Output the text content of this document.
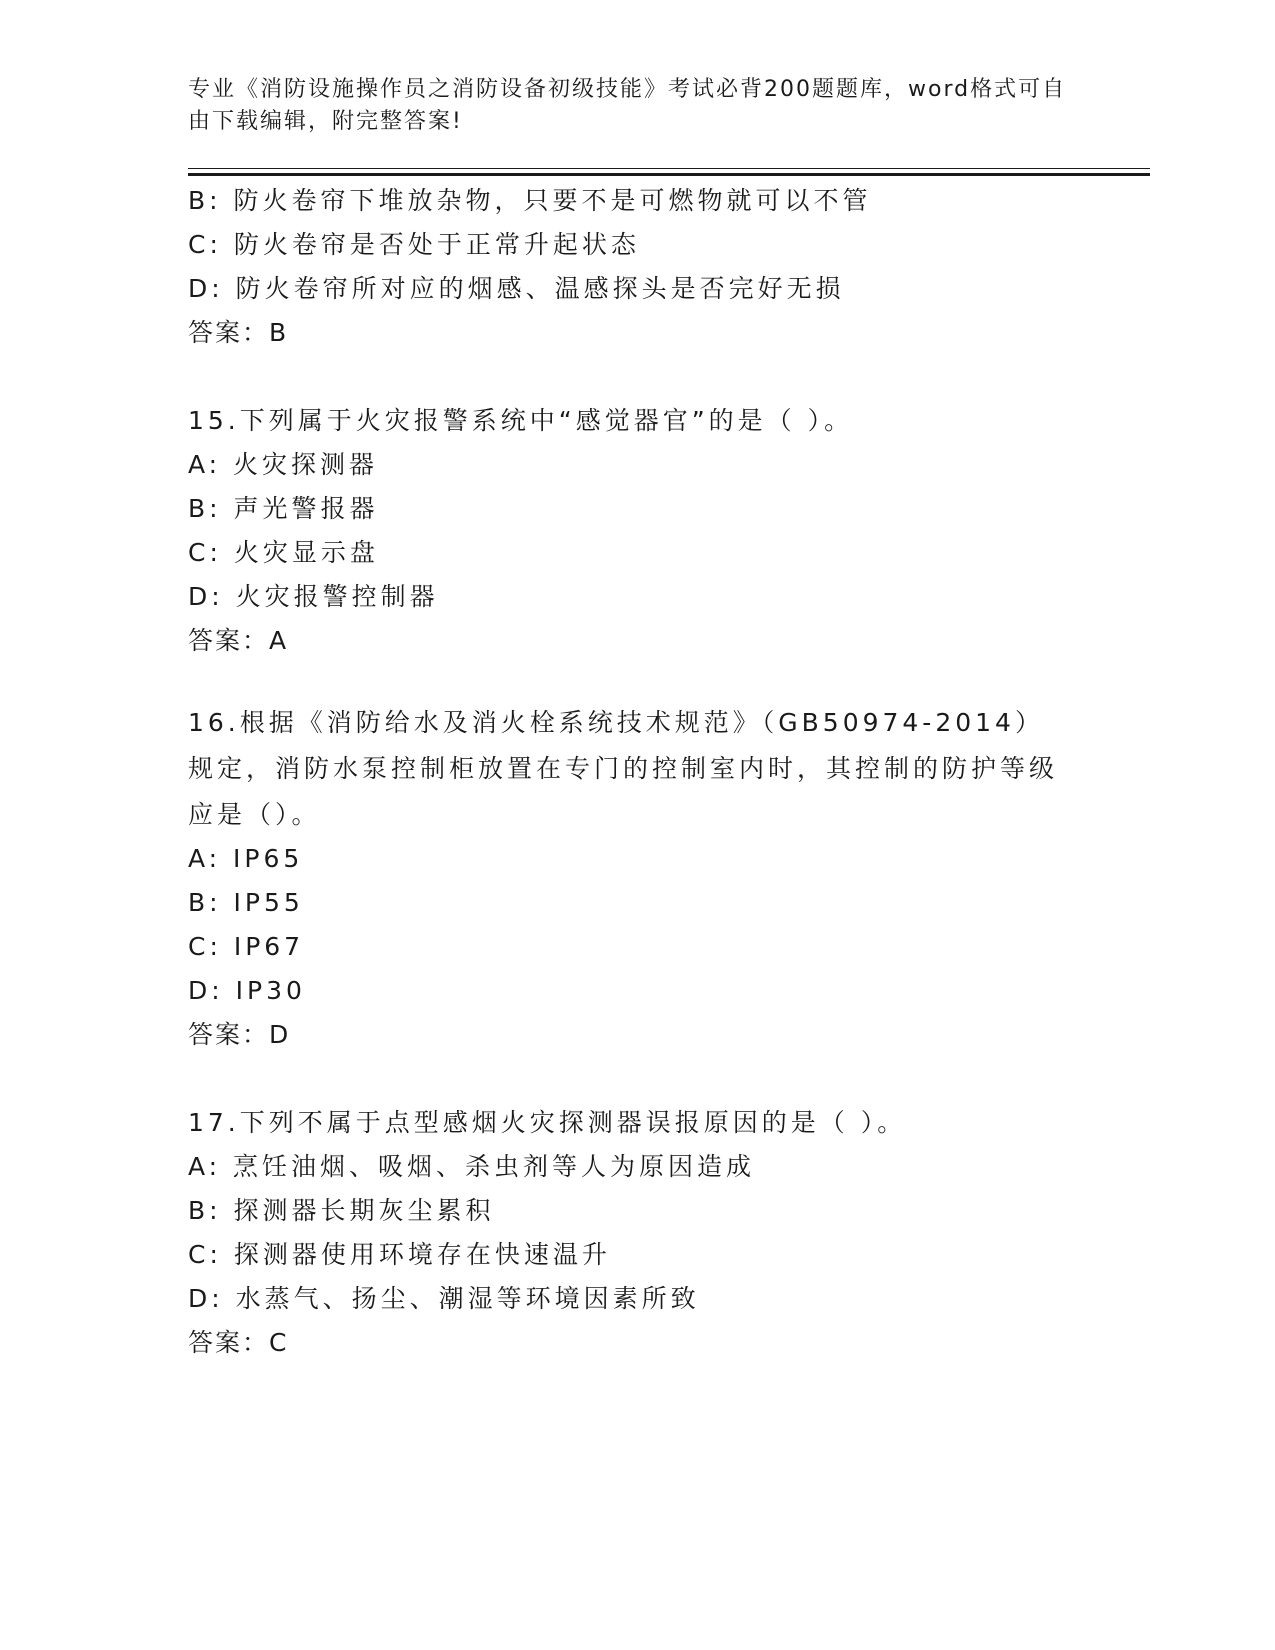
专业《消防设施操作员之消防设备初级技能》考试必背200题题库，word格式可自由下载编辑，附完整答案!
B: 防火卷帘下堆放杂物，只要不是可燃物就可以不管
C: 防火卷帘是否处于正常升起状态
D: 防火卷帘所对应的烟感、温感探头是否完好无损
答案：B
15.下列属于火灾报警系统中“感觉器官”的是（ ）。
A: 火灾探测器
B: 声光警报器
C: 火灾显示盘
D: 火灾报警控制器
答案：A
16.根据《消防给水及消火栓系统技术规范》（GB50974-2014）规定，消防水泵控制柜放置在专门的控制室内时，其控制的防护等级应是（）。
A: IP65
B: IP55
C: IP67
D: IP30
答案：D
17.下列不属于点型感烟火灾探测器误报原因的是（ ）。
A: 烹饪油烟、吸烟、杀虫剂等人为原因造成
B: 探测器长期灰尘累积
C: 探测器使用环境存在快速温升
D: 水蒸气、扬尘、潮湿等环境因素所致
答案：C
